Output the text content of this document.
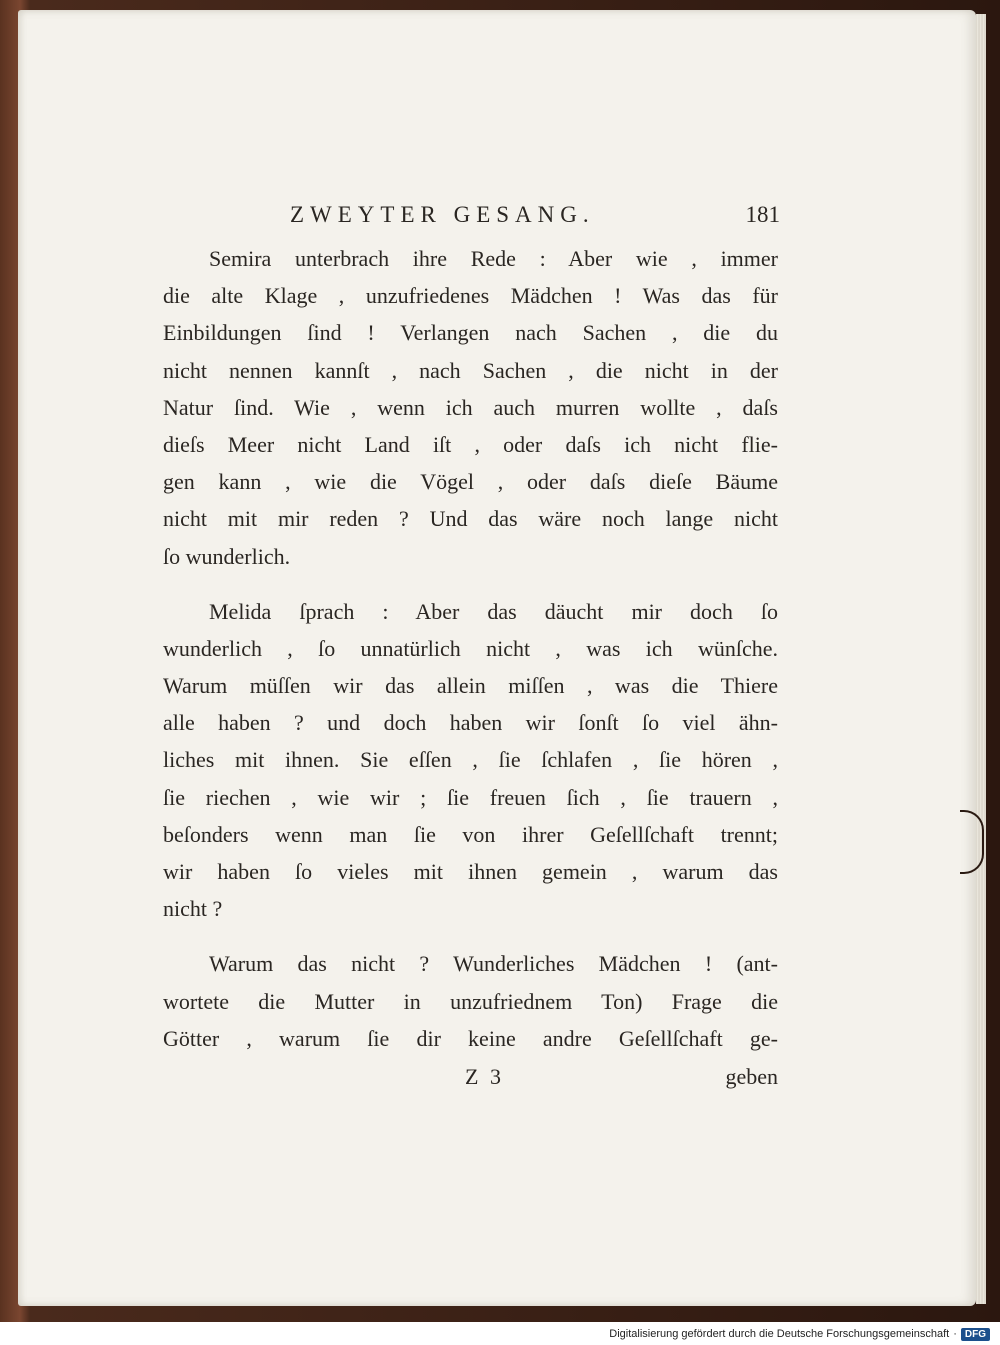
ZWEYTER GESANG.	181
Semira unterbrach ihre Rede : Aber wie , immer
die alte Klage , unzufriedenes Mädchen ! Was das für
Einbildungen ſind ! Verlangen nach Sachen , die du
nicht nennen kannſt , nach Sachen , die nicht in der
Natur ſind. Wie , wenn ich auch murren wollte , daſs
dieſs Meer nicht Land iſt , oder daſs ich nicht flie-
gen kann , wie die Vögel , oder daſs dieſe Bäume
nicht mit mir reden ? Und das wäre noch lange nicht
ſo wunderlich.
Melida ſprach : Aber das däucht mir doch ſo
wunderlich , ſo unnatürlich nicht , was ich wünſche.
Warum müſſen wir das allein miſſen , was die Thiere
alle haben ? und doch haben wir ſonſt ſo viel ähn-
liches mit ihnen. Sie eſſen , ſie ſchlafen , ſie hören ,
ſie riechen , wie wir ; ſie freuen ſich , ſie trauern ,
beſonders wenn man ſie von ihrer Geſellſchaft trennt;
wir haben ſo vieles mit ihnen gemein , warum das
nicht ?
Warum das nicht ? Wunderliches Mädchen ! (ant-
wortete die Mutter in unzufriednem Ton) Frage die
Götter , warum ſie dir keine andre Geſellſchaft ge-
Z 3	geben
Digitalisierung gefördert durch die Deutsche Forschungsgemeinschaft · DFG
